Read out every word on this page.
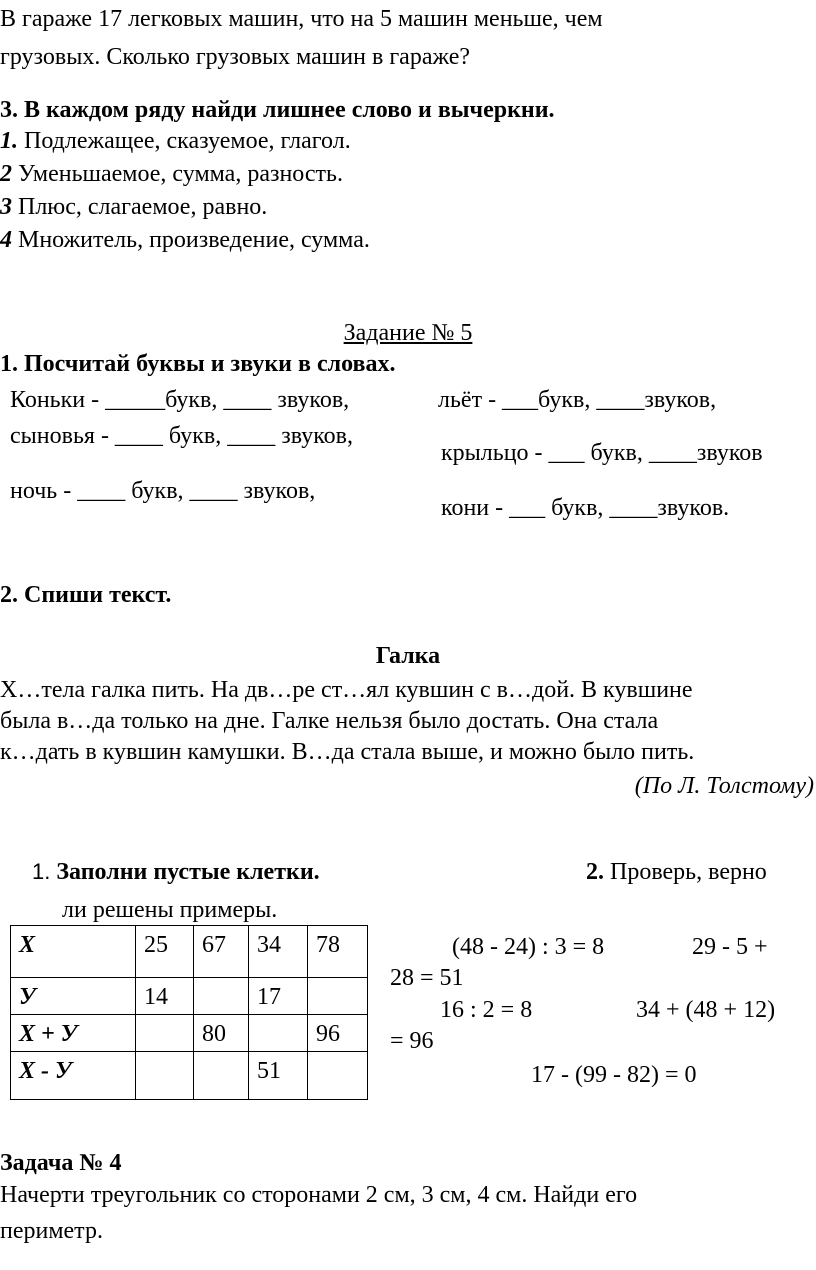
В гараже 17 легковых машин, что на 5 машин меньше, чем
грузовых. Сколько грузовых машин в гараже?
3. В каждом ряду найди лишнее слово и вычеркни.
1. Подлежащее, сказуемое, глагол.
2 Уменьшаемое, сумма, разность.
3 Плюс, слагаемое, равно.
4 Множитель, произведение, сумма.
Задание № 5
1. Посчитай буквы и звуки в словах.
Коньки - _____букв, ____ звуков,	льёт - ___букв, ____звуков,
сыновья - ____ букв, ____ звуков,
крыльцо - ___ букв, ____звуков
ночь - ____ букв, ____ звуков,
кони - ___ букв, ____звуков.
2. Спиши текст.
Галка
Х…тела галка пить. На дв…ре ст…ял кувшин с в…дой. В кувшине
была в…да только на дне. Галке нельзя было достать. Она стала
к…дать в кувшин камушки. В…да стала выше, и можно было пить.
(По Л. Толстому)
1. Заполни пустые клетки.	2. Проверь, верно
ли решены примеры.
Х	25	67	34	78
У	14		17	
Х + У		80		96
Х - У			51	
(48 - 24) : 3 = 8	29 - 5 +
28 = 51
16 : 2 = 8	34 + (48 + 12)
= 96
17 - (99 - 82) = 0
Задача № 4
Начерти треугольник со сторонами 2 см, 3 см, 4 см. Найди его
периметр.
